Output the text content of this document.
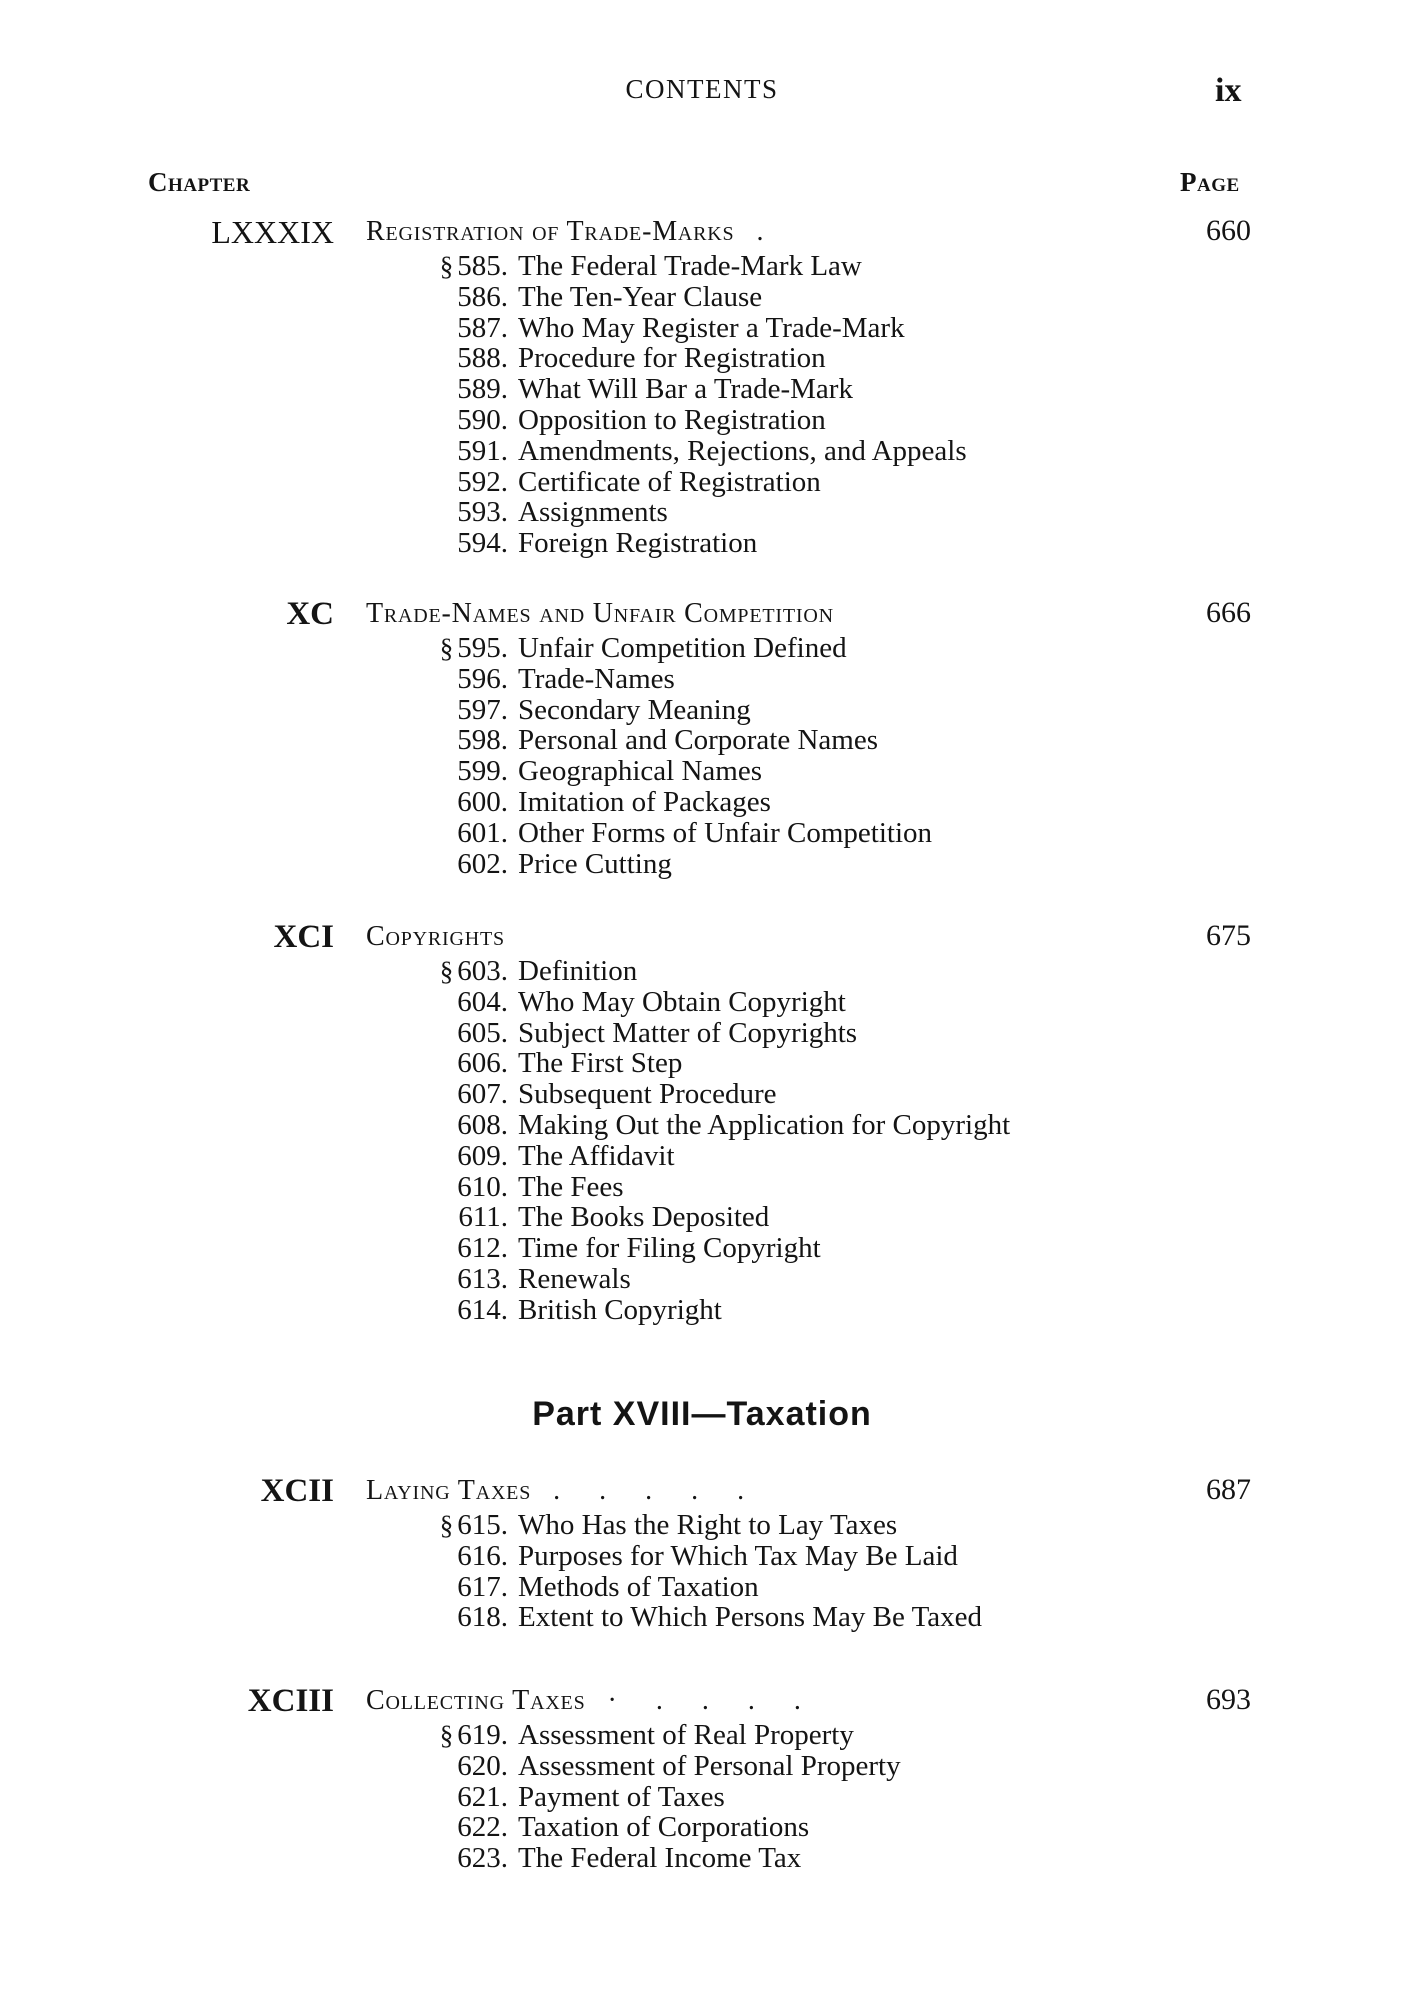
CONTENTS	ix
Chapter	Page
LXXXIX Registration of Trade-Marks .	660
§ 585. The Federal Trade-Mark Law
586. The Ten-Year Clause
587. Who May Register a Trade-Mark
588. Procedure for Registration
589. What Will Bar a Trade-Mark
590. Opposition to Registration
591. Amendments, Rejections, and Appeals
592. Certificate of Registration
593. Assignments
594. Foreign Registration
XC Trade-Names and Unfair Competition	666
§ 595. Unfair Competition Defined
596. Trade-Names
597. Secondary Meaning
598. Personal and Corporate Names
599. Geographical Names
600. Imitation of Packages
601. Other Forms of Unfair Competition
602. Price Cutting
XCI Copyrights	675
§ 603. Definition
604. Who May Obtain Copyright
605. Subject Matter of Copyrights
606. The First Step
607. Subsequent Procedure
608. Making Out the Application for Copyright
609. The Affidavit
610. The Fees
611. The Books Deposited
612. Time for Filing Copyright
613. Renewals
614. British Copyright
Part XVIII—Taxation
XCII Laying Taxes . . . . .	687
§ 615. Who Has the Right to Lay Taxes
616. Purposes for Which Tax May Be Laid
617. Methods of Taxation
618. Extent to Which Persons May Be Taxed
XCIII Collecting Taxes · . . . .	693
§ 619. Assessment of Real Property
620. Assessment of Personal Property
621. Payment of Taxes
622. Taxation of Corporations
623. The Federal Income Tax
